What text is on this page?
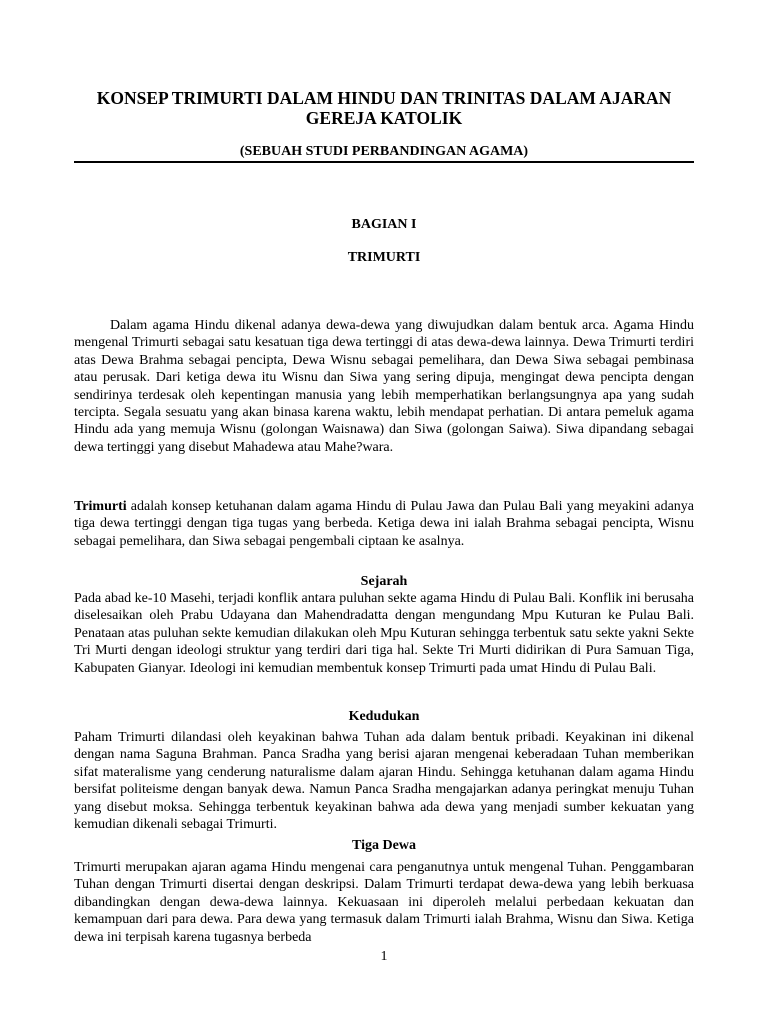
KONSEP TRIMURTI DALAM HINDU DAN TRINITAS DALAM AJARAN GEREJA KATOLIK
(SEBUAH STUDI PERBANDINGAN AGAMA)
BAGIAN I
TRIMURTI

Dalam agama Hindu dikenal adanya dewa-dewa yang diwujudkan dalam bentuk arca. Agama Hindu mengenal Trimurti sebagai satu kesatuan tiga dewa tertinggi di atas dewa-dewa lainnya. Dewa Trimurti terdiri atas Dewa Brahma sebagai pencipta, Dewa Wisnu sebagai pemelihara, dan Dewa Siwa sebagai pembinasa atau perusak. Dari ketiga dewa itu Wisnu dan Siwa yang sering dipuja, mengingat dewa pencipta dengan sendirinya terdesak oleh kepentingan manusia yang lebih memperhatikan berlangsungnya apa yang sudah tercipta. Segala sesuatu yang akan binasa karena waktu, lebih mendapat perhatian. Di antara pemeluk agama Hindu ada yang memuja Wisnu (golongan Waisnawa) dan Siwa (golongan Saiwa). Siwa dipandang sebagai dewa tertinggi yang disebut Mahadewa atau Mahe?wara.

Trimurti adalah konsep ketuhanan dalam agama Hindu di Pulau Jawa dan Pulau Bali yang meyakini adanya tiga dewa tertinggi dengan tiga tugas yang berbeda. Ketiga dewa ini ialah Brahma sebagai pencipta, Wisnu sebagai pemelihara, dan Siwa sebagai pengembali ciptaan ke asalnya.

Sejarah

Pada abad ke-10 Masehi, terjadi konflik antara puluhan sekte agama Hindu di Pulau Bali. Konflik ini berusaha diselesaikan oleh Prabu Udayana dan Mahendradatta dengan mengundang Mpu Kuturan ke Pulau Bali. Penataan atas puluhan sekte kemudian dilakukan oleh Mpu Kuturan sehingga terbentuk satu sekte yakni Sekte Tri Murti dengan ideologi struktur yang terdiri dari tiga hal. Sekte Tri Murti didirikan di Pura Samuan Tiga, Kabupaten Gianyar. Ideologi ini kemudian membentuk konsep Trimurti pada umat Hindu di Pulau Bali.

Kedudukan

Paham Trimurti dilandasi oleh keyakinan bahwa Tuhan ada dalam bentuk pribadi. Keyakinan ini dikenal dengan nama Saguna Brahman. Panca Sradha yang berisi ajaran mengenai keberadaan Tuhan memberikan sifat materalisme yang cenderung naturalisme dalam ajaran Hindu. Sehingga ketuhanan dalam agama Hindu bersifat politeisme dengan banyak dewa. Namun Panca Sradha mengajarkan adanya peringkat menuju Tuhan yang disebut moksa. Sehingga terbentuk keyakinan bahwa ada dewa yang menjadi sumber kekuatan yang kemudian dikenali sebagai Trimurti.

Tiga Dewa

Trimurti merupakan ajaran agama Hindu mengenai cara penganutnya untuk mengenal Tuhan. Penggambaran Tuhan dengan Trimurti disertai dengan deskripsi. Dalam Trimurti terdapat dewa-dewa yang lebih berkuasa dibandingkan dengan dewa-dewa lainnya. Kekuasaan ini diperoleh melalui perbedaan kekuatan dan kemampuan dari para dewa. Para dewa yang termasuk dalam Trimurti ialah Brahma, Wisnu dan Siwa. Ketiga dewa ini terpisah karena tugasnya berbeda

1
